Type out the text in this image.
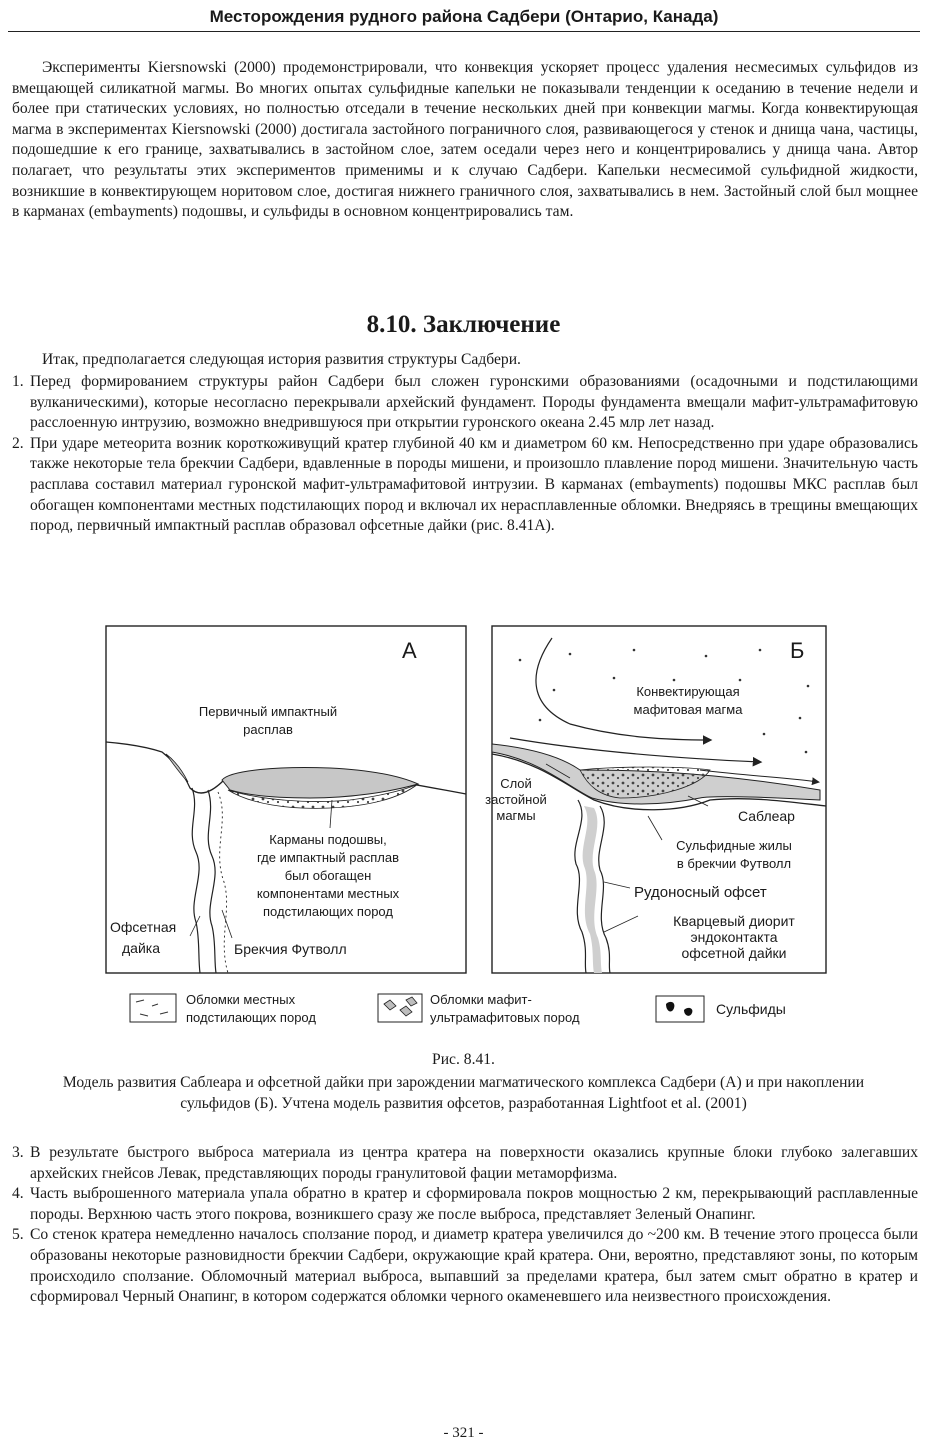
Месторождения рудного района Садбери (Онтарио, Канада)

Эксперименты Kiersnowski (2000) продемонстрировали, что конвекция ускоряет процесс удаления несмесимых сульфидов из вмещающей силикатной магмы. Во многих опытах сульфидные капельки не показывали тенденции к оседанию в течение недели и более при статических условиях, но полностью отседали в течение нескольких дней при конвекции магмы. Когда конвектирующая магма в экспериментах Kiersnowski (2000) достигала застойного пограничного слоя, развивающегося у стенок и днища чана, частицы, подошедшие к его границе, захватывались в застойном слое, затем оседали через него и концентрировались у днища чана. Автор полагает, что результаты этих экспериментов применимы и к случаю Садбери. Капельки несмесимой сульфидной жидкости, возникшие в конвектирующем норитовом слое, достигая нижнего граничного слоя, захватывались в нем. Застойный слой был мощнее в карманах (embayments) подошвы, и сульфиды в основном концентрировались там.

8.10. Заключение

Итак, предполагается следующая история развития структуры Садбери.

1. Перед формированием структуры район Садбери был сложен гуронскими образованиями (осадочными и подстилающими вулканическими), которые несогласно перекрывали архейский фундамент. Породы фундамента вмещали мафит-ультрамафитовую расслоенную интрузию, возможно внедрившуюся при открытии гуронского океана 2.45 млр лет назад.
2. При ударе метеорита возник короткоживущий кратер глубиной 40 км и диаметром 60 км. Непосредственно при ударе образовались также некоторые тела брекчии Садбери, вдавленные в породы мишени, и произошло плавление пород мишени. Значительную часть расплава составил материал гуронской мафит-ультрамафитовой интрузии. В карманах (embayments) подошвы МКС расплав был обогащен компонентами местных подстилающих пород и включал их нерасплавленные обломки. Внедряясь в трещины вмещающих пород, первичный импактный расплав образовал офсетные дайки (рис. 8.41А).
А
Первичный импактный
расплав
Карманы подошвы,
где импактный расплав
был обогащен
компонентами местных
подстилающих пород
Офсетная
дайка	Брекчия Футволл
Б
Конвектирующая
мафитовая магма
Слой
застойной
магмы	Саблеар
Сульфидные жилы
в брекчии Футволл
Рудоносный офсет
Кварцевый диорит
эндоконтакта
офсетной дайки
Обломки местных
подстилающих пород
Обломки мафит-
ультрамафитовых пород
Сульфиды
Рис. 8.41.
Модель развития Саблеара и офсетной дайки при зарождении магматического комплекса Садбери (А) и при накоплении сульфидов (Б). Учтена модель развития офсетов, разработанная Lightfoot et al. (2001)
3. В результате быстрого выброса материала из центра кратера на поверхности оказались крупные блоки глубоко залегавших архейских гнейсов Левак, представляющих породы гранулитовой фации метаморфизма.
4. Часть выброшенного материала упала обратно в кратер и сформировала покров мощностью 2 км, перекрывающий расплавленные породы. Верхнюю часть этого покрова, возникшего сразу же после выброса, представляет Зеленый Онапинг.
5. Со стенок кратера немедленно началось сползание пород, и диаметр кратера увеличился до ~200 км. В течение этого процесса были образованы некоторые разновидности брекчии Садбери, окружающие край кратера. Они, вероятно, представляют зоны, по которым происходило сползание. Обломочный материал выброса, выпавший за пределами кратера, был затем смыт обратно в кратер и сформировал Черный Онапинг, в котором содержатся обломки черного окаменевшего ила неизвестного происхождения.
- 321 -
